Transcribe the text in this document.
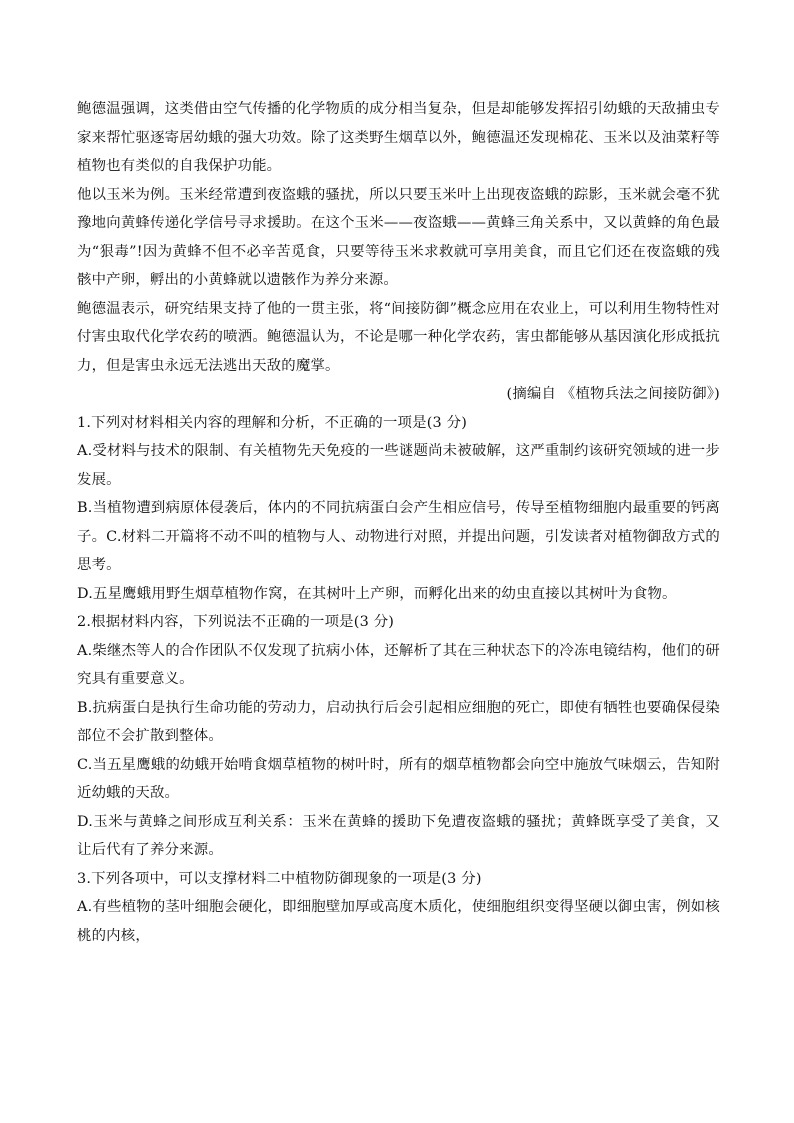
鲍德温强调，这类借由空气传播的化学物质的成分相当复杂，但是却能够发挥招引幼蛾的天敌捕虫专家来帮忙驱逐寄居幼蛾的强大功效。除了这类野生烟草以外，鲍德温还发现棉花、玉米以及油菜籽等植物也有类似的自我保护功能。

他以玉米为例。玉米经常遭到夜盗蛾的骚扰，所以只要玉米叶上出现夜盗蛾的踪影，玉米就会毫不犹豫地向黄蜂传递化学信号寻求援助。在这个玉米——夜盗蛾——黄蜂三角关系中，又以黄蜂的角色最为“狠毒”!因为黄蜂不但不必辛苦觅食，只要等待玉米求救就可享用美食，而且它们还在夜盗蛾的残骸中产卵，孵出的小黄蜂就以遗骸作为养分来源。

鲍德温表示，研究结果支持了他的一贯主张，将“间接防御”概念应用在农业上，可以利用生物特性对付害虫取代化学农药的喷洒。鲍德温认为，不论是哪一种化学农药，害虫都能够从基因演化形成抵抗力，但是害虫永远无法逃出天敌的魔掌。

(摘编自 《植物兵法之间接防御》)

1.下列对材料相关内容的理解和分析，不正确的一项是(3 分)

A.受材料与技术的限制、有关植物先天免疫的一些谜题尚未被破解，这严重制约该研究领域的进一步发展。

B.当植物遭到病原体侵袭后，体内的不同抗病蛋白会产生相应信号，传导至植物细胞内最重要的钙离子。C.材料二开篇将不动不叫的植物与人、动物进行对照，并提出问题，引发读者对植物御敌方式的思考。

D.五星鹰蛾用野生烟草植物作窝，在其树叶上产卵，而孵化出来的幼虫直接以其树叶为食物。

2.根据材料内容，下列说法不正确的一项是(3 分)

A.柴继杰等人的合作团队不仅发现了抗病小体，还解析了其在三种状态下的冷冻电镜结构，他们的研究具有重要意义。

B.抗病蛋白是执行生命功能的劳动力，启动执行后会引起相应细胞的死亡，即使有牺牲也要确保侵染部位不会扩散到整体。

C.当五星鹰蛾的幼蛾开始啃食烟草植物的树叶时，所有的烟草植物都会向空中施放气味烟云，告知附近幼蛾的天敌。

D.玉米与黄蜂之间形成互利关系：玉米在黄蜂的援助下免遭夜盗蛾的骚扰；黄蜂既享受了美食，又让后代有了养分来源。

3.下列各项中，可以支撑材料二中植物防御现象的一项是(3 分)

A.有些植物的茎叶细胞会硬化，即细胞壁加厚或高度木质化，使细胞组织变得坚硬以御虫害，例如核桃的内核，
